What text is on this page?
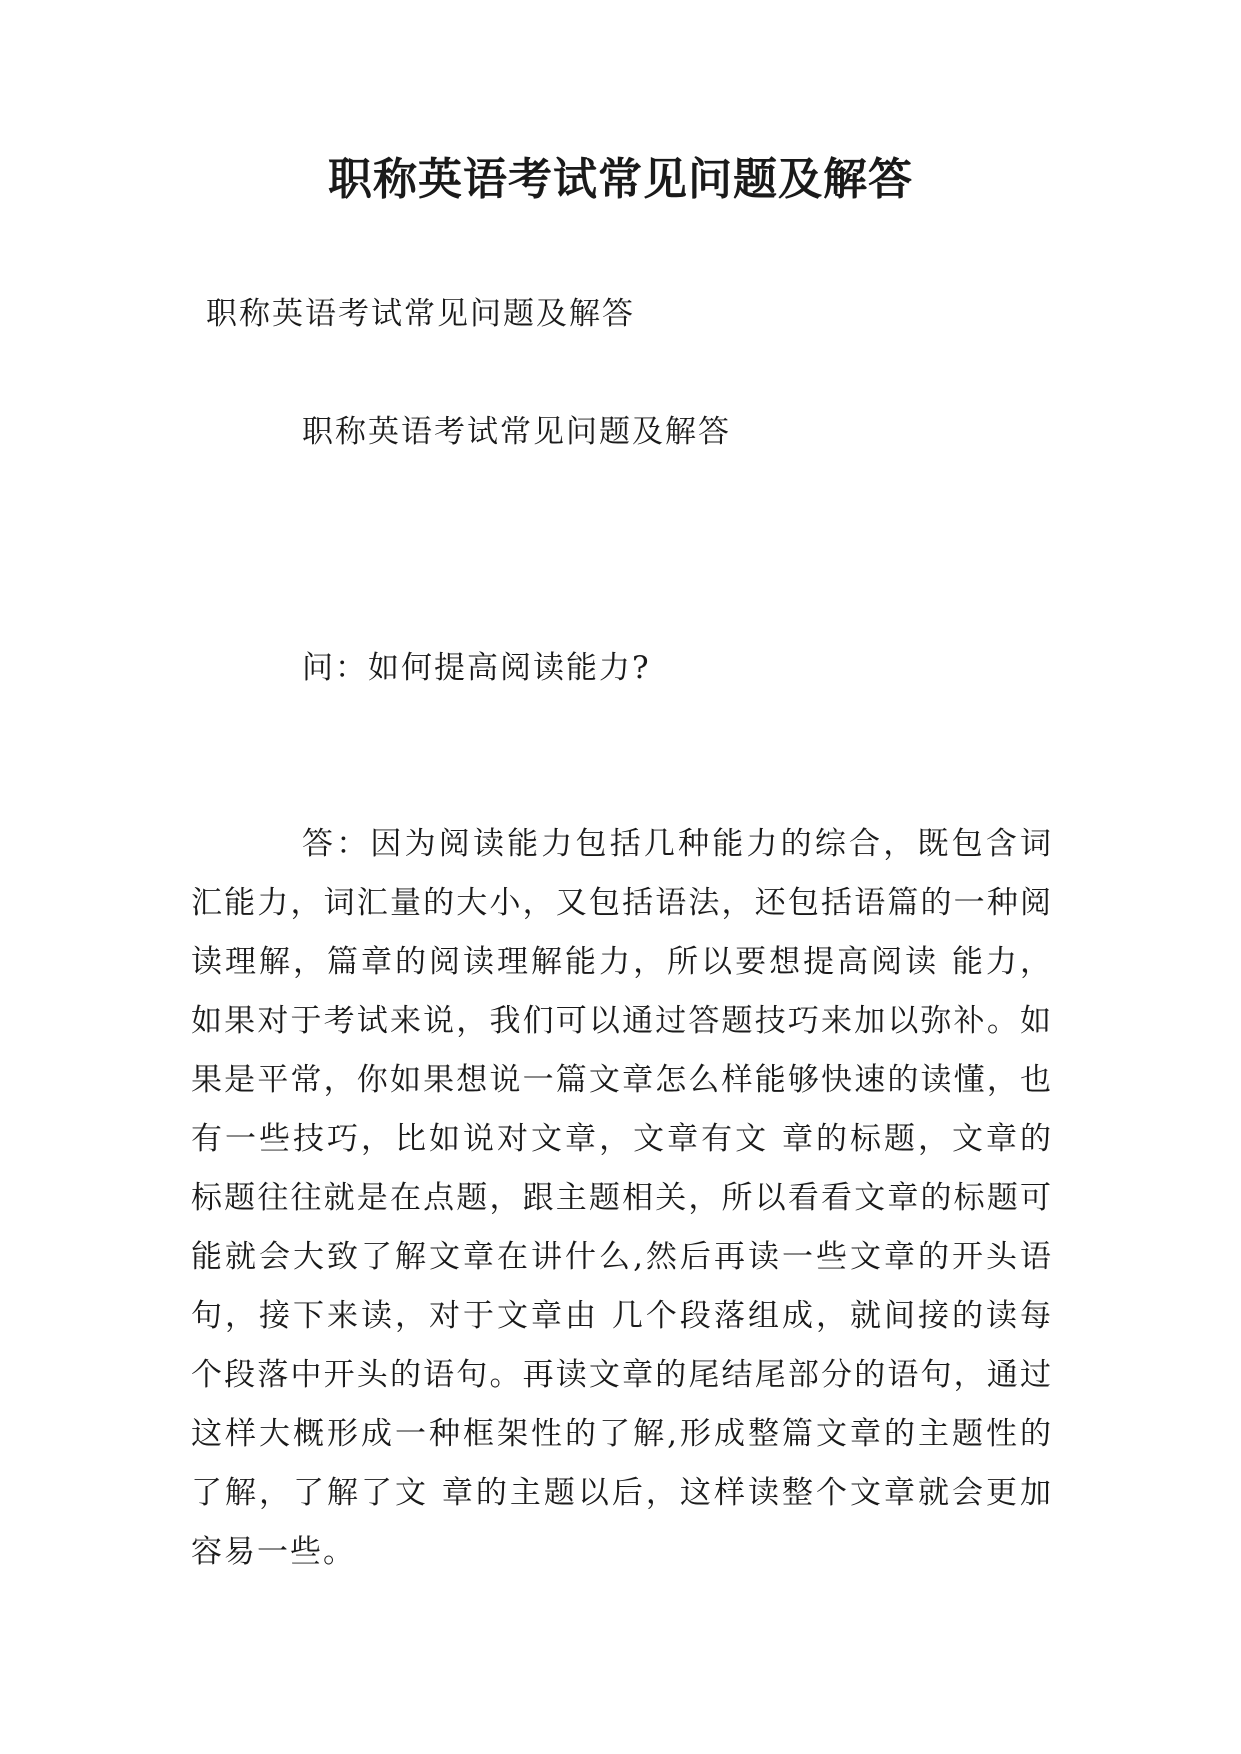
职称英语考试常见问题及解答

职称英语考试常见问题及解答

职称英语考试常见问题及解答

问：如何提高阅读能力?

答：因为阅读能力包括几种能力的综合，既包含词汇能力，词汇量的大小，又包括语法，还包括语篇的一种阅读理解，篇章的阅读理解能力，所以要想提高阅读 能力，如果对于考试来说，我们可以通过答题技巧来加以弥补。如果是平常，你如果想说一篇文章怎么样能够快速的读懂，也有一些技巧，比如说对文章，文章有文 章的标题，文章的标题往往就是在点题，跟主题相关，所以看看文章的标题可能就会大致了解文章在讲什么,然后再读一些文章的开头语句，接下来读，对于文章由 几个段落组成，就间接的读每个段落中开头的语句。再读文章的尾结尾部分的语句，通过这样大概形成一种框架性的了解,形成整篇文章的主题性的了解，了解了文 章的主题以后，这样读整个文章就会更加容易一些。
